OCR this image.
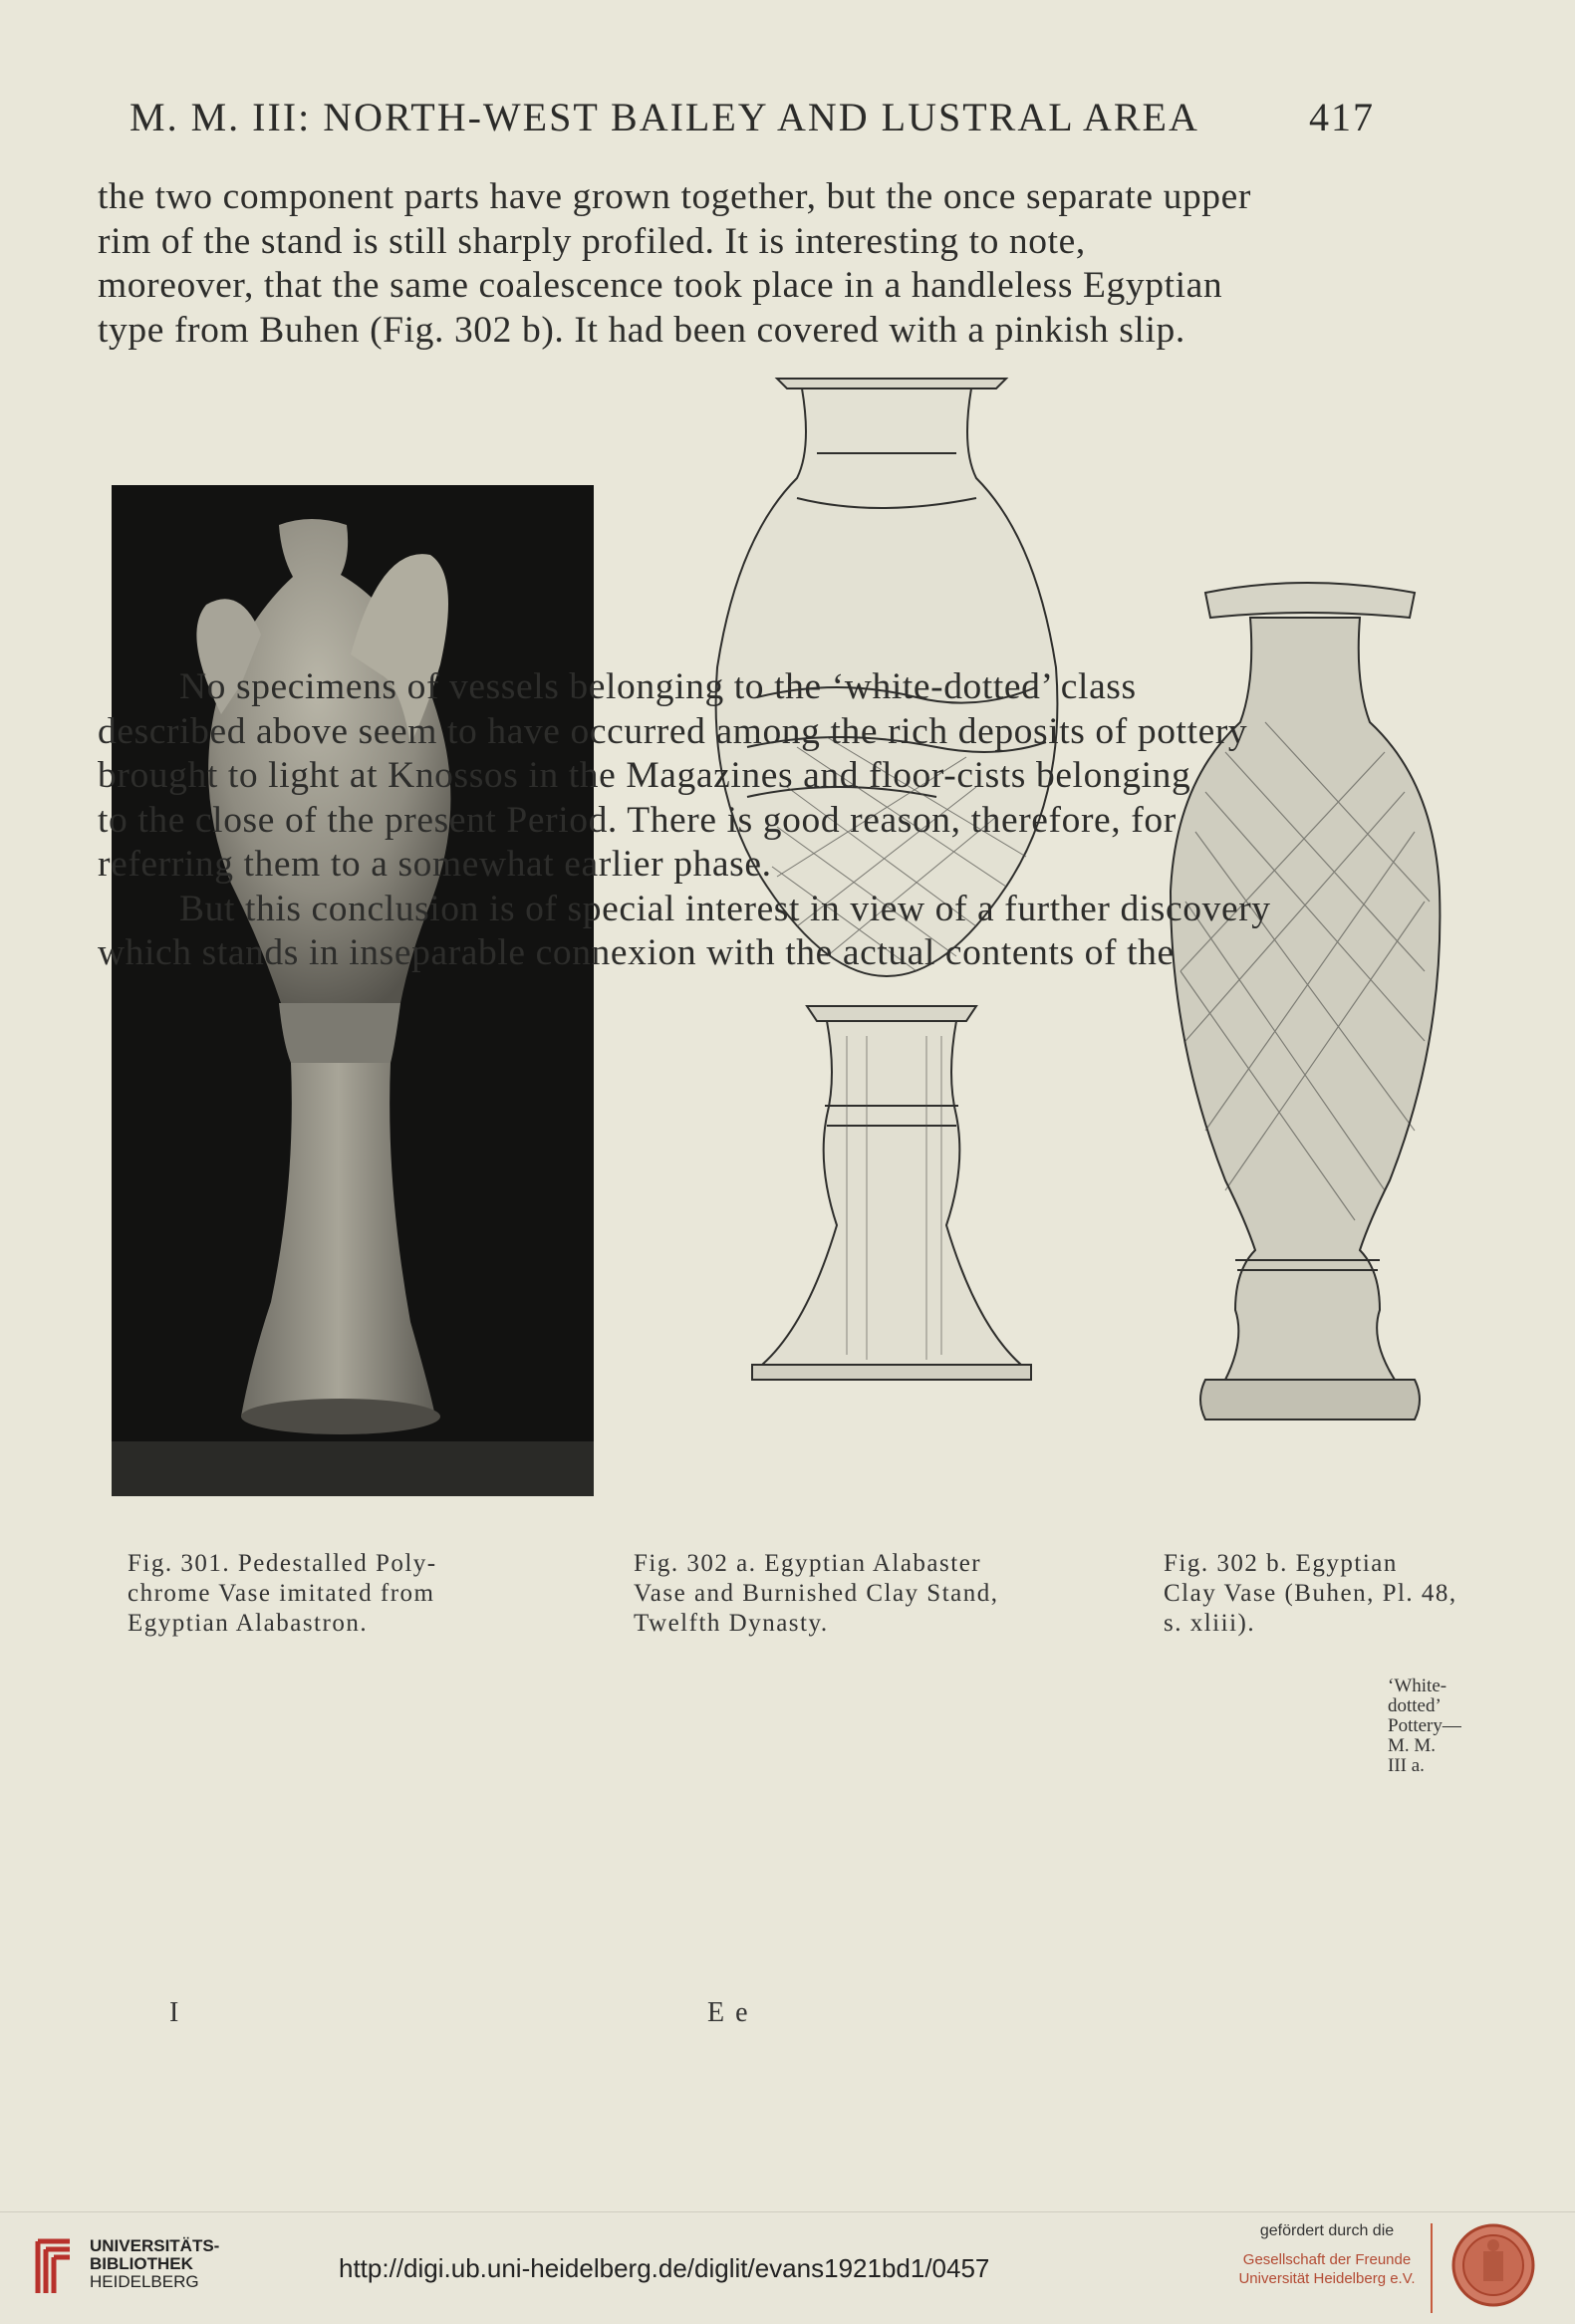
M. M. III: NORTH-WEST BAILEY AND LUSTRAL AREA	417
the two component parts have grown together, but the once separate upper
rim of the stand is still sharply profiled. It is interesting to note,
moreover, that the same coalescence took place in a handleless Egyptian
type from Buhen (Fig. 302 b). It had been covered with a pinkish slip.
Fig. 301. Pedestalled Poly-
chrome Vase imitated from
Egyptian Alabastron.
Fig. 302 a. Egyptian Alabaster
Vase and Burnished Clay Stand,
Twelfth Dynasty.
Fig. 302 b. Egyptian
Clay Vase (Buhen, Pl. 48,
s. xliii).
No specimens of vessels belonging to the ‘white-dotted’ class
described above seem to have occurred among the rich deposits of pottery
brought to light at Knossos in the Magazines and floor-cists belonging
to the close of the present Period. There is good reason, therefore, for
referring them to a somewhat earlier phase.
But this conclusion is of special interest in view of a further discovery
which stands in inseparable connexion with the actual contents of the
‘White-
dotted’
Pottery—
M. M.
III a.
I	E e
UNIVERSITÄTS-
BIBLIOTHEK
HEIDELBERG	http://digi.ub.uni-heidelberg.de/diglit/evans1921bd1/0457
gefördert durch die
Gesellschaft der Freunde
Universität Heidelberg e.V.
